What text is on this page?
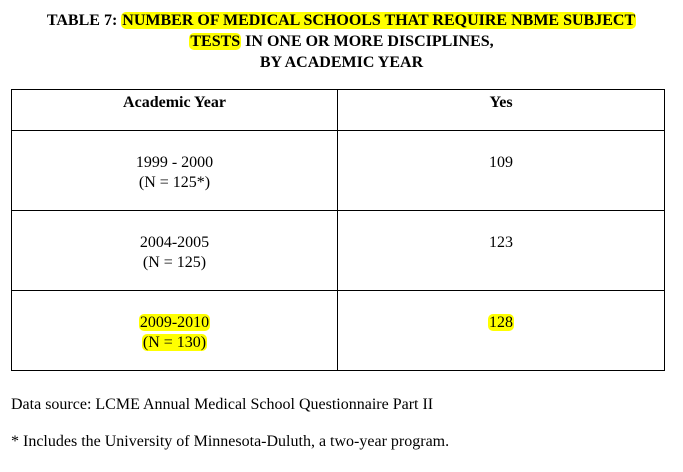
TABLE 7: NUMBER OF MEDICAL SCHOOLS THAT REQUIRE NBME SUBJECT
TESTS IN ONE OR MORE DISCIPLINES,
BY ACADEMIC YEAR
Academic Year	Yes

1999 - 2000
(N = 125*)	109

2004-2005
(N = 125)	123

2009-2010
(N = 130)	128
Data source: LCME Annual Medical School Questionnaire Part II
* Includes the University of Minnesota-Duluth, a two-year program.
